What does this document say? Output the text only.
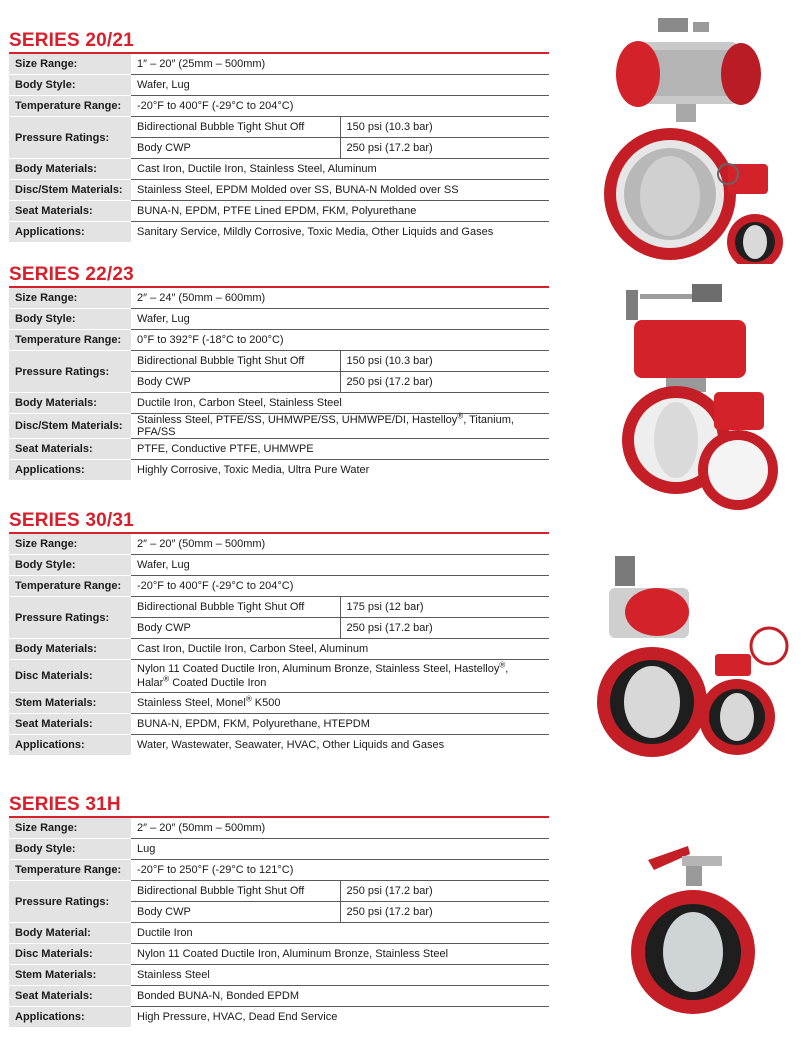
SERIES 20/21
Size Range:	1″ – 20″ (25mm – 500mm)	
Body Style:	Wafer, Lug	
Temperature Range:	-20°F to 400°F (-29°C to 204°C)	
Pressure Ratings:	Bidirectional Bubble Tight Shut Off	150 psi (10.3 bar)
	Body CWP	250 psi (17.2 bar)
Body Materials:	Cast Iron, Ductile Iron, Stainless Steel, Aluminum	
Disc/Stem Materials:	Stainless Steel, EPDM Molded over SS, BUNA-N Molded over SS	
Seat Materials:	BUNA-N, EPDM, PTFE Lined EPDM, FKM, Polyurethane	
Applications:	Sanitary Service, Mildly Corrosive, Toxic Media, Other Liquids and Gases	
SERIES 22/23
Size Range:	2″ – 24″ (50mm – 600mm)	
Body Style:	Wafer, Lug	
Temperature Range:	0°F to 392°F (-18°C to 200°C)	
Pressure Ratings:	Bidirectional Bubble Tight Shut Off	150 psi (10.3 bar)
	Body CWP	250 psi (17.2 bar)
Body Materials:	Ductile Iron, Carbon Steel, Stainless Steel	
Disc/Stem Materials:	Stainless Steel, PTFE/SS, UHMWPE/SS, UHMWPE/DI, Hastelloy®, Titanium, PFA/SS	
Seat Materials:	PTFE, Conductive PTFE, UHMWPE	
Applications:	Highly Corrosive, Toxic Media, Ultra Pure Water	
SERIES 30/31
Size Range:	2″ – 20″ (50mm – 500mm)	
Body Style:	Wafer, Lug	
Temperature Range:	-20°F to 400°F (-29°C to 204°C)	
Pressure Ratings:	Bidirectional Bubble Tight Shut Off	175 psi (12 bar)
	Body CWP	250 psi (17.2 bar)
Body Materials:	Cast Iron, Ductile Iron, Carbon Steel, Aluminum	
Disc Materials:	Nylon 11 Coated Ductile Iron, Aluminum Bronze, Stainless Steel, Hastelloy®,
Halar® Coated Ductile Iron	
Stem Materials:	Stainless Steel, Monel® K500	
Seat Materials:	BUNA-N, EPDM, FKM, Polyurethane, HTEPDM	
Applications:	Water, Wastewater, Seawater, HVAC, Other Liquids and Gases	
SERIES 31H
Size Range:	2″ – 20″ (50mm – 500mm)	
Body Style:	Lug	
Temperature Range:	-20°F to 250°F (-29°C to 121°C)	
Pressure Ratings:	Bidirectional Bubble Tight Shut Off	250 psi (17.2 bar)
	Body CWP	250 psi (17.2 bar)
Body Material:	Ductile Iron	
Disc Materials:	Nylon 11 Coated Ductile Iron, Aluminum Bronze, Stainless Steel	
Stem Materials:	Stainless Steel	
Seat Materials:	Bonded BUNA-N, Bonded EPDM	
Applications:	High Pressure, HVAC, Dead End Service	
